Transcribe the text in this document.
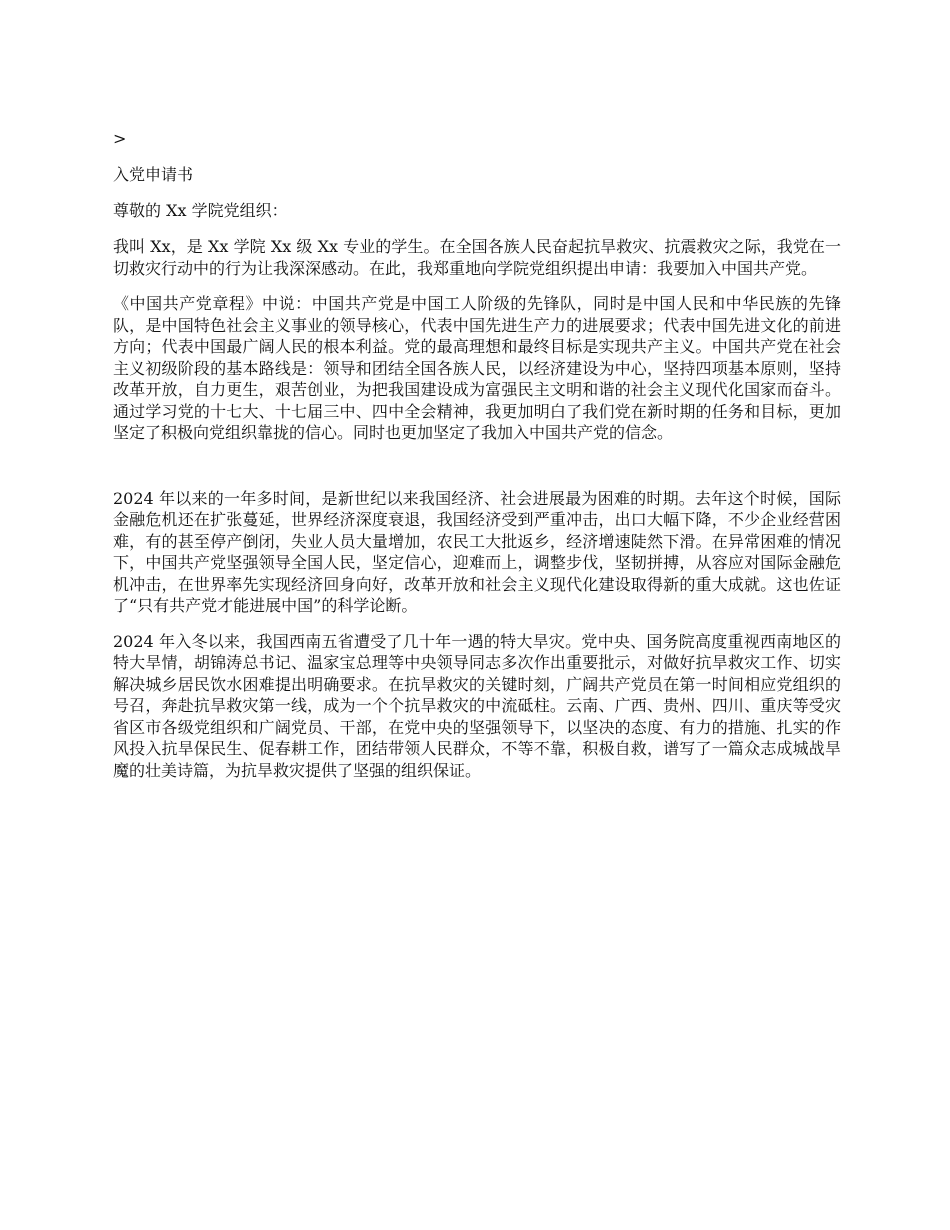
>
入党申请书
尊敬的 Xx 学院党组织：

我叫 Xx，是 Xx 学院 Xx 级 Xx 专业的学生。在全国各族人民奋起抗旱救灾、抗震救灾之际，我党在一切救灾行动中的行为让我深深感动。在此，我郑重地向学院党组织提出申请：我要加入中国共产党。

《中国共产党章程》中说：中国共产党是中国工人阶级的先锋队，同时是中国人民和中华民族的先锋队，是中国特色社会主义事业的领导核心，代表中国先进生产力的进展要求；代表中国先进文化的前进方向；代表中国最广阔人民的根本利益。党的最高理想和最终目标是实现共产主义。中国共产党在社会主义初级阶段的基本路线是：领导和团结全国各族人民，以经济建设为中心，坚持四项基本原则，坚持改革开放，自力更生，艰苦创业，为把我国建设成为富强民主文明和谐的社会主义现代化国家而奋斗。通过学习党的十七大、十七届三中、四中全会精神，我更加明白了我们党在新时期的任务和目标，更加坚定了积极向党组织靠拢的信心。同时也更加坚定了我加入中国共产党的信念。

2024 年以来的一年多时间，是新世纪以来我国经济、社会进展最为困难的时期。去年这个时候，国际金融危机还在扩张蔓延，世界经济深度衰退，我国经济受到严重冲击，出口大幅下降，不少企业经营困难，有的甚至停产倒闭，失业人员大量增加，农民工大批返乡，经济增速陡然下滑。在异常困难的情况下，中国共产党坚强领导全国人民，坚定信心，迎难而上，调整步伐，坚韧拼搏，从容应对国际金融危机冲击，在世界率先实现经济回身向好，改革开放和社会主义现代化建设取得新的重大成就。这也佐证了“只有共产党才能进展中国”的科学论断。

2024 年入冬以来，我国西南五省遭受了几十年一遇的特大旱灾。党中央、国务院高度重视西南地区的特大旱情，胡锦涛总书记、温家宝总理等中央领导同志多次作出重要批示，对做好抗旱救灾工作、切实解决城乡居民饮水困难提出明确要求。在抗旱救灾的关键时刻，广阔共产党员在第一时间相应党组织的号召，奔赴抗旱救灾第一线，成为一个个抗旱救灾的中流砥柱。云南、广西、贵州、四川、重庆等受灾省区市各级党组织和广阔党员、干部，在党中央的坚强领导下，以坚决的态度、有力的措施、扎实的作风投入抗旱保民生、促春耕工作，团结带领人民群众，不等不靠，积极自救，谱写了一篇众志成城战旱魔的壮美诗篇，为抗旱救灾提供了坚强的组织保证。
